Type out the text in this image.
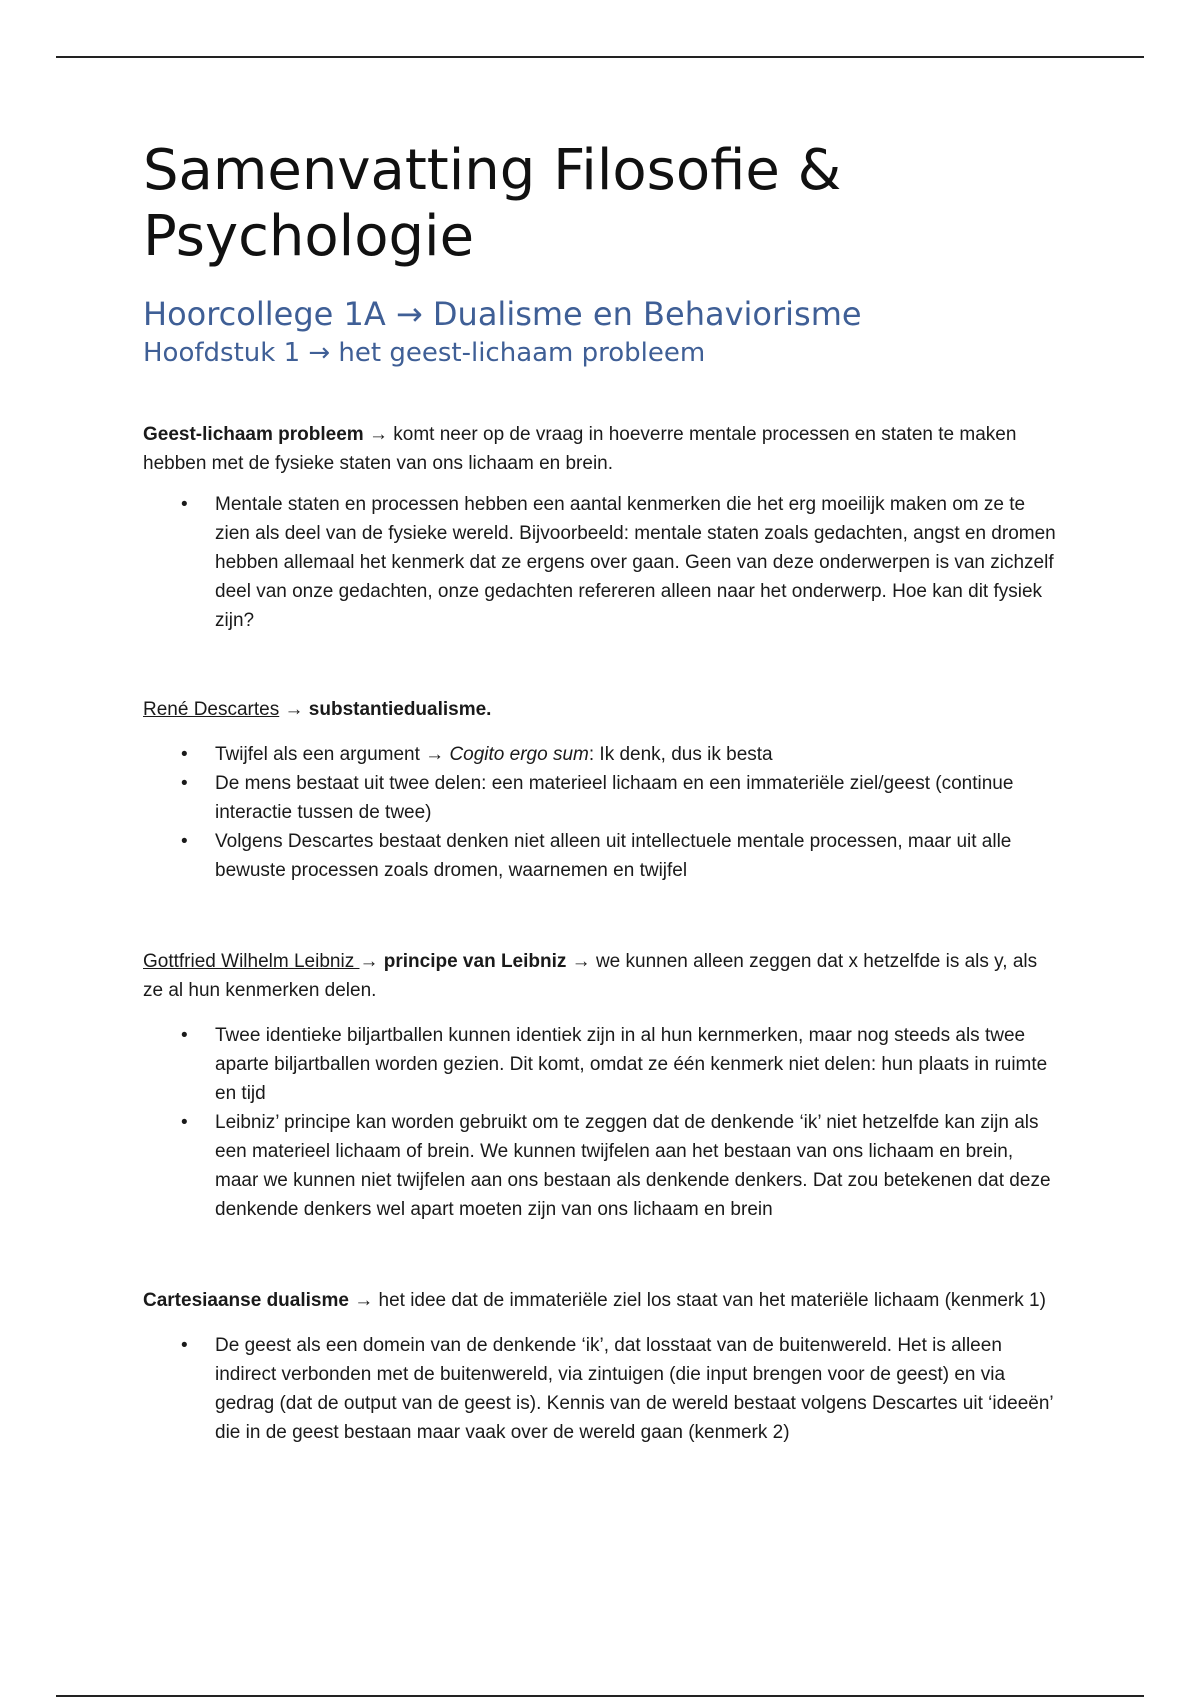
Samenvatting Filosofie &
Psychologie
Hoorcollege 1A → Dualisme en Behaviorisme
Hoofdstuk 1 → het geest-lichaam probleem

Geest-lichaam probleem → komt neer op de vraag in hoeverre mentale processen en staten te maken hebben met de fysieke staten van ons lichaam en brein.

• Mentale staten en processen hebben een aantal kenmerken die het erg moeilijk maken om ze te zien als deel van de fysieke wereld. Bijvoorbeeld: mentale staten zoals gedachten, angst en dromen hebben allemaal het kenmerk dat ze ergens over gaan. Geen van deze onderwerpen is van zichzelf deel van onze gedachten, onze gedachten refereren alleen naar het onderwerp. Hoe kan dit fysiek zijn?

René Descartes → substantiedualisme.

• Twijfel als een argument → Cogito ergo sum: Ik denk, dus ik besta
• De mens bestaat uit twee delen: een materieel lichaam en een immateriële ziel/geest (continue interactie tussen de twee)
• Volgens Descartes bestaat denken niet alleen uit intellectuele mentale processen, maar uit alle bewuste processen zoals dromen, waarnemen en twijfel

Gottfried Wilhelm Leibniz → principe van Leibniz → we kunnen alleen zeggen dat x hetzelfde is als y, als ze al hun kenmerken delen.

• Twee identieke biljartballen kunnen identiek zijn in al hun kernmerken, maar nog steeds als twee aparte biljartballen worden gezien. Dit komt, omdat ze één kenmerk niet delen: hun plaats in ruimte en tijd
• Leibniz’ principe kan worden gebruikt om te zeggen dat de denkende ‘ik’ niet hetzelfde kan zijn als een materieel lichaam of brein. We kunnen twijfelen aan het bestaan van ons lichaam en brein, maar we kunnen niet twijfelen aan ons bestaan als denkende denkers. Dat zou betekenen dat deze denkende denkers wel apart moeten zijn van ons lichaam en brein

Cartesiaanse dualisme → het idee dat de immateriële ziel los staat van het materiële lichaam (kenmerk 1)

• De geest als een domein van de denkende ‘ik’, dat losstaat van de buitenwereld. Het is alleen indirect verbonden met de buitenwereld, via zintuigen (die input brengen voor de geest) en via gedrag (dat de output van de geest is). Kennis van de wereld bestaat volgens Descartes uit ‘ideeën’ die in de geest bestaan maar vaak over de wereld gaan (kenmerk 2)
